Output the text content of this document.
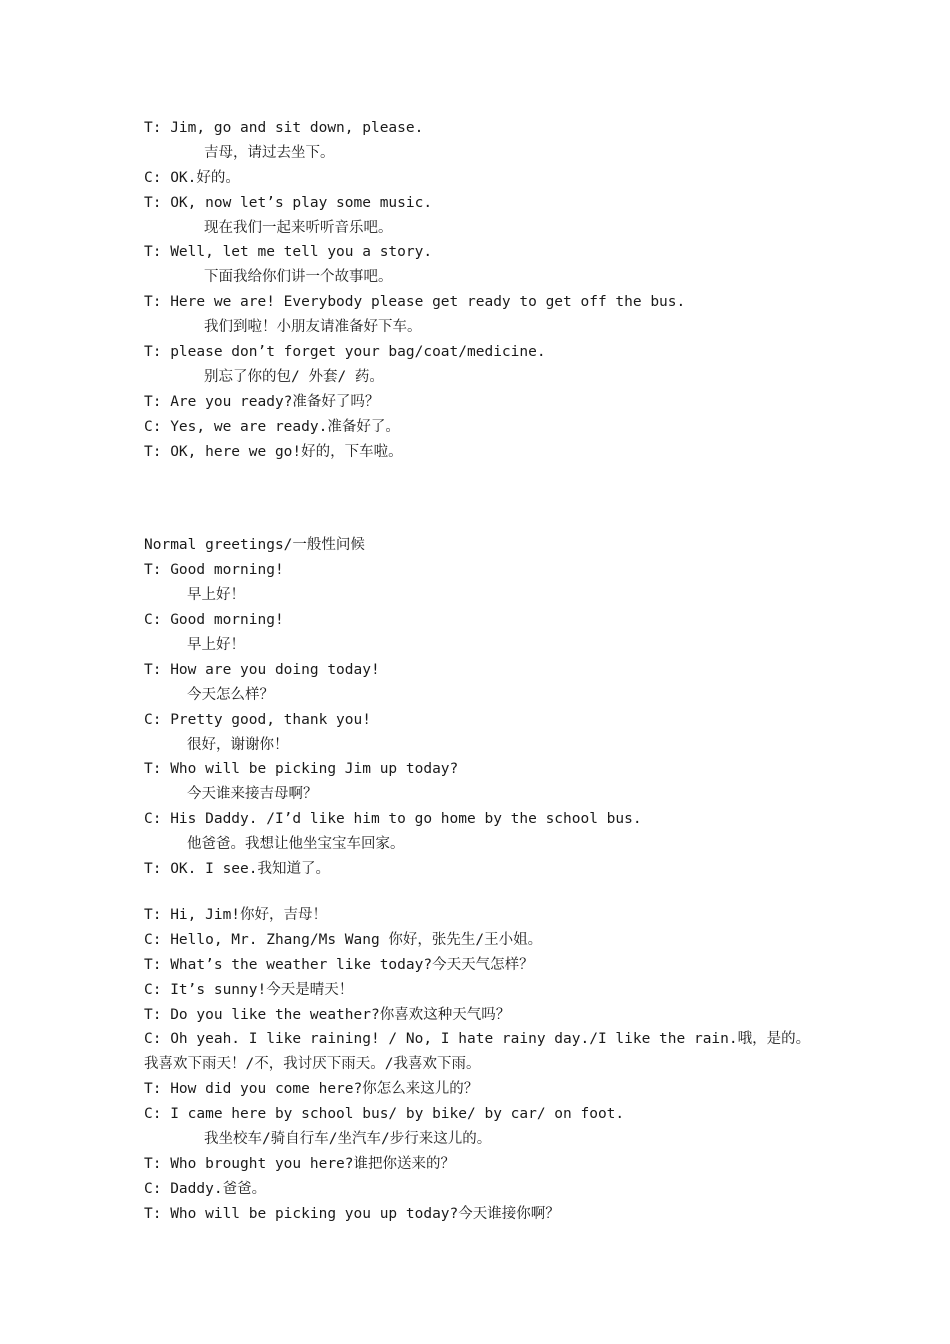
T: Jim, go and sit down, please.
吉母，请过去坐下。
C: OK.好的。
T: OK, now let’s play some music.
现在我们一起来听听音乐吧。
T: Well, let me tell you a story.
下面我给你们讲一个故事吧。
T: Here we are! Everybody please get ready to get off the bus.
我们到啦！小朋友请准备好下车。
T: please don’t forget your bag/coat/medicine.
别忘了你的包/ 外套/ 药。
T: Are you ready?准备好了吗？
C: Yes, we are ready.准备好了。
T: OK, here we go!好的，下车啦。
Normal greetings/一般性问候
T: Good morning!
早上好！
C: Good morning!
早上好！
T: How are you doing today!
今天怎么样？
C: Pretty good, thank you!
很好，谢谢你！
T: Who will be picking Jim up today?
今天谁来接吉母啊？
C: His Daddy. /I’d like him to go home by the school bus.
他爸爸。我想让他坐宝宝车回家。
T: OK. I see.我知道了。
T: Hi, Jim!你好，吉母！
C: Hello, Mr. Zhang/Ms Wang 你好，张先生/王小姐。
T: What’s the weather like today?今天天气怎样？
C: It’s sunny!今天是晴天！
T: Do you like the weather?你喜欢这种天气吗？
C: Oh yeah. I like raining! / No, I hate rainy day./I like the rain.哦，是的。
我喜欢下雨天！/不，我讨厌下雨天。/我喜欢下雨。
T: How did you come here?你怎么来这儿的？
C: I came here by school bus/ by bike/ by car/ on foot.
我坐校车/骑自行车/坐汽车/步行来这儿的。
T: Who brought you here?谁把你送来的？
C: Daddy.爸爸。
T: Who will be picking you up today?今天谁接你啊？
